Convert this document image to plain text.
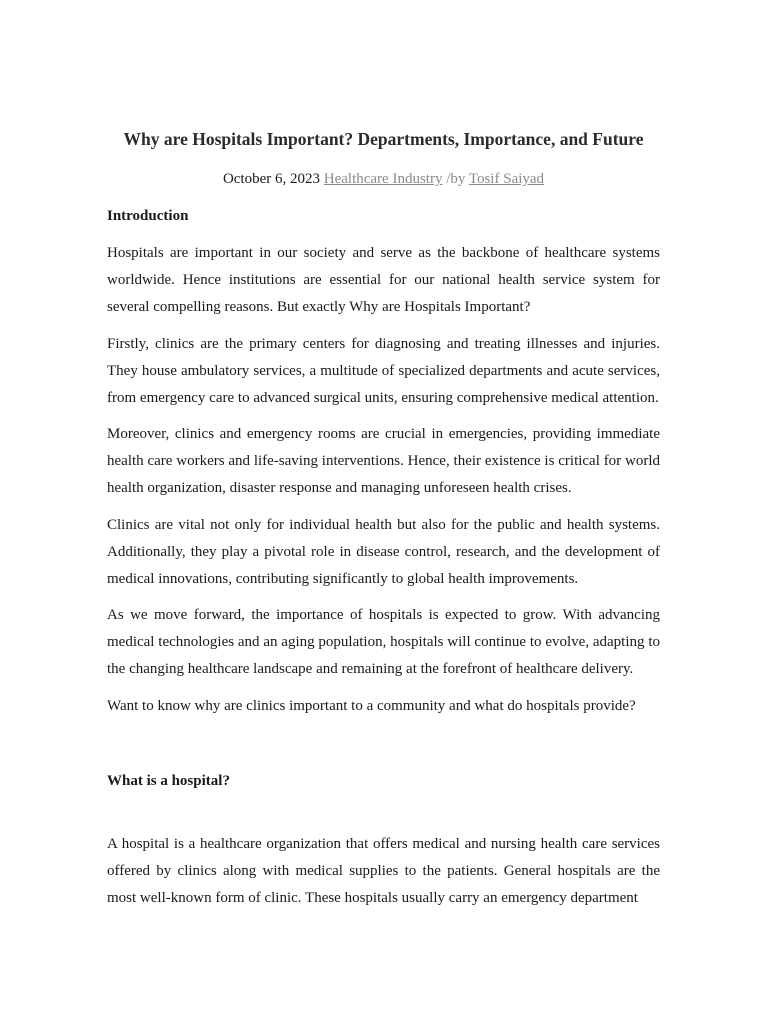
Why are Hospitals Important? Departments, Importance, and Future
October 6, 2023 Healthcare Industry /by Tosif Saiyad
Introduction

Hospitals are important in our society and serve as the backbone of healthcare systems worldwide. Hence institutions are essential for our national health service system for several compelling reasons. But exactly Why are Hospitals Important?

Firstly, clinics are the primary centers for diagnosing and treating illnesses and injuries. They house ambulatory services, a multitude of specialized departments and acute services, from emergency care to advanced surgical units, ensuring comprehensive medical attention.

Moreover, clinics and emergency rooms are crucial in emergencies, providing immediate health care workers and life-saving interventions. Hence, their existence is critical for world health organization, disaster response and managing unforeseen health crises.

Clinics are vital not only for individual health but also for the public and health systems. Additionally, they play a pivotal role in disease control, research, and the development of medical innovations, contributing significantly to global health improvements.

As we move forward, the importance of hospitals is expected to grow. With advancing medical technologies and an aging population, hospitals will continue to evolve, adapting to the changing healthcare landscape and remaining at the forefront of healthcare delivery.

Want to know why are clinics important to a community and what do hospitals provide?

What is a hospital?

A hospital is a healthcare organization that offers medical and nursing health care services offered by clinics along with medical supplies to the patients. General hospitals are the most well-known form of clinic. These hospitals usually carry an emergency department
